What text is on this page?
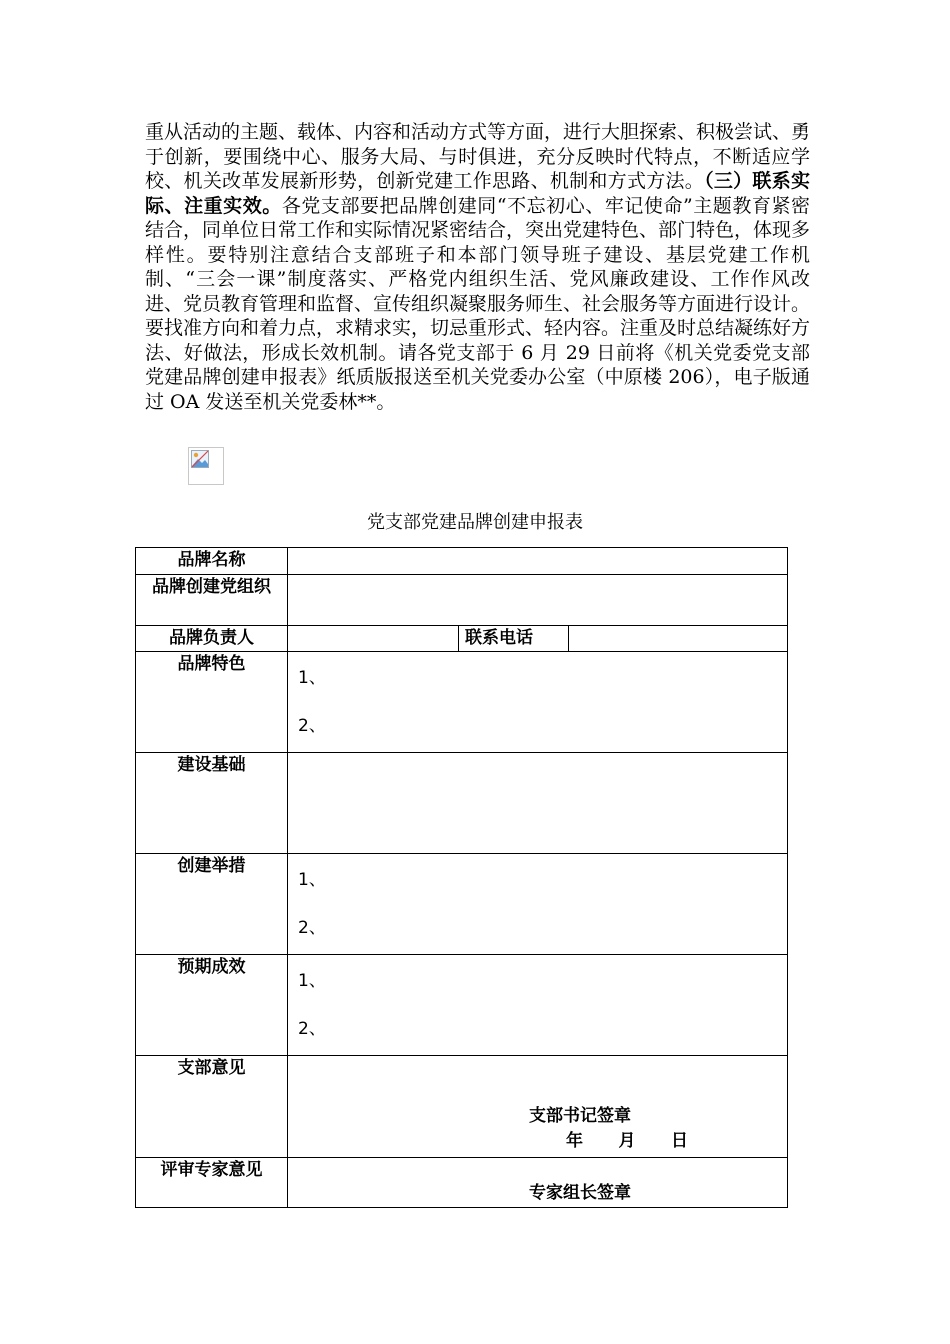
重从活动的主题、载体、内容和活动方式等方面，进行大胆探索、积极尝试、勇于创新，要围绕中心、服务大局、与时俱进，充分反映时代特点，不断适应学校、机关改革发展新形势，创新党建工作思路、机制和方式方法。（三）联系实际、注重实效。各党支部要把品牌创建同“不忘初心、牢记使命”主题教育紧密结合，同单位日常工作和实际情况紧密结合，突出党建特色、部门特色，体现多样性。要特别注意结合支部班子和本部门领导班子建设、基层党建工作机制、“三会一课”制度落实、严格党内组织生活、党风廉政建设、工作作风改进、党员教育管理和监督、宣传组织凝聚服务师生、社会服务等方面进行设计。要找准方向和着力点，求精求实，切忌重形式、轻内容。注重及时总结凝练好方法、好做法，形成长效机制。请各党支部于 6 月 29 日前将《机关党委党支部党建品牌创建申报表》纸质版报送至机关党委办公室（中原楼 206），电子版通过 OA 发送至机关党委林**。
党支部党建品牌创建申报表
品牌名称			
品牌创建党组织			
品牌负责人		联系电话	
品牌特色	1、
2、		

建设基础			
创建举措	1、
2、		

预期成效	1、
2、		

支部意见	支部书记签章
年      月      日		

评审专家意见	专家组长签章		
